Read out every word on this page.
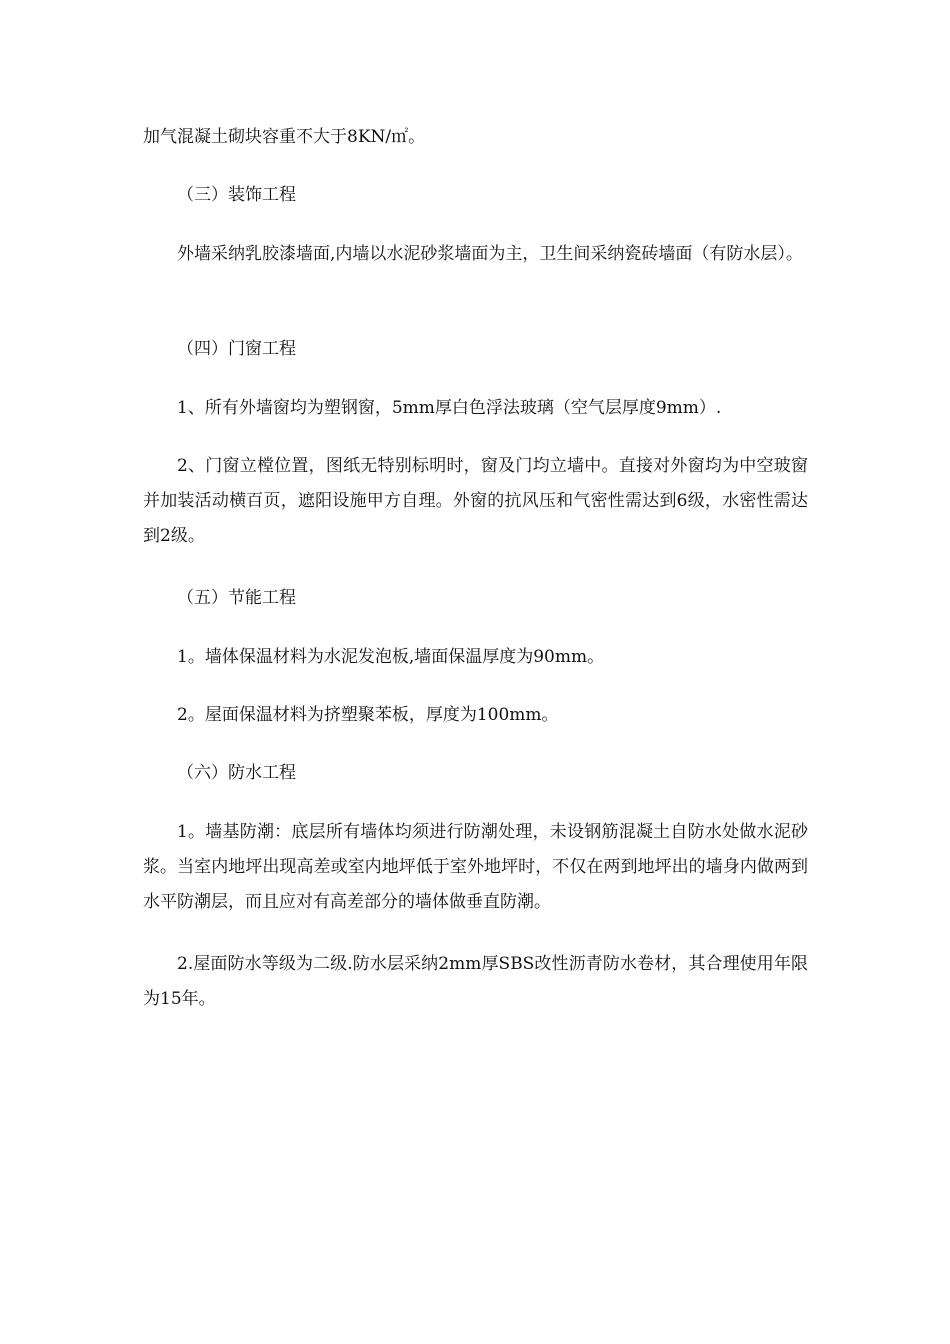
加气混凝土砌块容重不大于8KN/㎡。

（三）装饰工程

外墙采纳乳胶漆墙面,内墙以水泥砂浆墙面为主，卫生间采纳瓷砖墙面（有防水层）。

（四）门窗工程

1、所有外墙窗均为塑钢窗，5mm厚白色浮法玻璃（空气层厚度9mm）.

2、门窗立樘位置，图纸无特别标明时，窗及门均立墙中。直接对外窗均为中空玻窗并加装活动横百页，遮阳设施甲方自理。外窗的抗风压和气密性需达到6级，水密性需达到2级。

（五）节能工程

1。墙体保温材料为水泥发泡板,墙面保温厚度为90mm。

2。屋面保温材料为挤塑聚苯板，厚度为100mm。

（六）防水工程

1。墙基防潮：底层所有墙体均须进行防潮处理，未设钢筋混凝土自防水处做水泥砂浆。当室内地坪出现高差或室内地坪低于室外地坪时，不仅在两到地坪出的墙身内做两到水平防潮层，而且应对有高差部分的墙体做垂直防潮。

2.屋面防水等级为二级.防水层采纳2mm厚SBS改性沥青防水卷材，其合理使用年限为15年。
